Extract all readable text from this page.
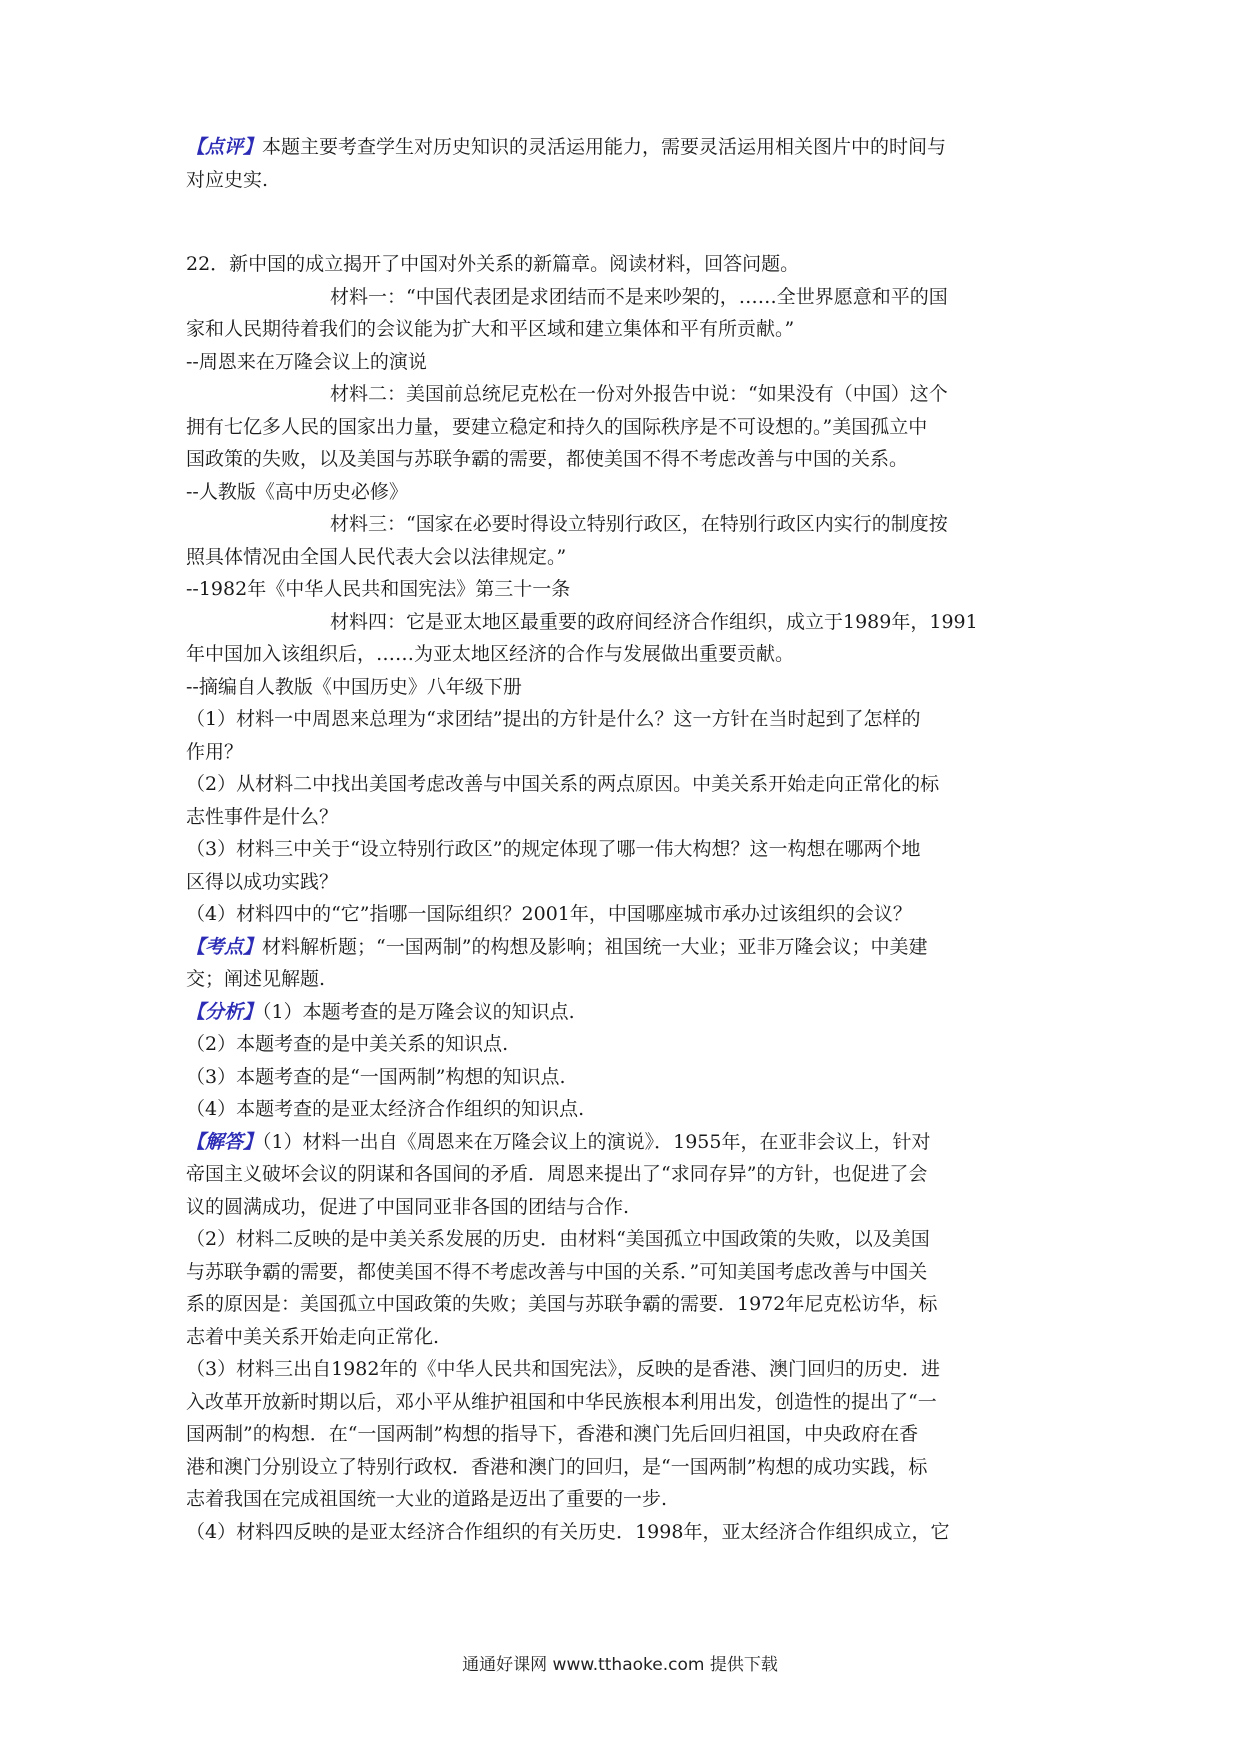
【点评】本题主要考查学生对历史知识的灵活运用能力，需要灵活运用相关图片中的时间与
对应史实.
22．新中国的成立揭开了中国对外关系的新篇章。阅读材料，回答问题。
材料一：“中国代表团是求团结而不是来吵架的，……全世界愿意和平的国
家和人民期待着我们的会议能为扩大和平区域和建立集体和平有所贡献。”
--周恩来在万隆会议上的演说
材料二：美国前总统尼克松在一份对外报告中说：“如果没有（中国）这个
拥有七亿多人民的国家出力量，要建立稳定和持久的国际秩序是不可设想的。”美国孤立中
国政策的失败，以及美国与苏联争霸的需要，都使美国不得不考虑改善与中国的关系。
--人教版《高中历史必修》
材料三：“国家在必要时得设立特别行政区，在特别行政区内实行的制度按
照具体情况由全国人民代表大会以法律规定。”
--1982年《中华人民共和国宪法》第三十一条
材料四：它是亚太地区最重要的政府间经济合作组织，成立于1989年，1991
年中国加入该组织后，……为亚太地区经济的合作与发展做出重要贡献。
--摘编自人教版《中国历史》八年级下册
（1）材料一中周恩来总理为“求团结”提出的方针是什么？这一方针在当时起到了怎样的
作用？
（2）从材料二中找出美国考虑改善与中国关系的两点原因。中美关系开始走向正常化的标
志性事件是什么？
（3）材料三中关于“设立特别行政区”的规定体现了哪一伟大构想？这一构想在哪两个地
区得以成功实践？
（4）材料四中的“它”指哪一国际组织？2001年，中国哪座城市承办过该组织的会议？
【考点】材料解析题；“一国两制”的构想及影响；祖国统一大业；亚非万隆会议；中美建
交；阐述见解题.
【分析】（1）本题考查的是万隆会议的知识点.
（2）本题考查的是中美关系的知识点.
（3）本题考查的是“一国两制”构想的知识点.
（4）本题考查的是亚太经济合作组织的知识点.
【解答】（1）材料一出自《周恩来在万隆会议上的演说》．1955年，在亚非会议上，针对
帝国主义破坏会议的阴谋和各国间的矛盾．周恩来提出了“求同存异”的方针，也促进了会
议的圆满成功，促进了中国同亚非各国的团结与合作.
（2）材料二反映的是中美关系发展的历史．由材料“美国孤立中国政策的失败，以及美国
与苏联争霸的需要，都使美国不得不考虑改善与中国的关系．”可知美国考虑改善与中国关
系的原因是：美国孤立中国政策的失败；美国与苏联争霸的需要．1972年尼克松访华，标
志着中美关系开始走向正常化.
（3）材料三出自1982年的《中华人民共和国宪法》，反映的是香港、澳门回归的历史．进
入改革开放新时期以后，邓小平从维护祖国和中华民族根本利用出发，创造性的提出了“一
国两制”的构想．在“一国两制”构想的指导下，香港和澳门先后回归祖国，中央政府在香
港和澳门分别设立了特别行政权．香港和澳门的回归，是“一国两制”构想的成功实践，标
志着我国在完成祖国统一大业的道路是迈出了重要的一步.
（4）材料四反映的是亚太经济合作组织的有关历史．1998年，亚太经济合作组织成立，它
通通好课网 www.tthaoke.com 提供下载
